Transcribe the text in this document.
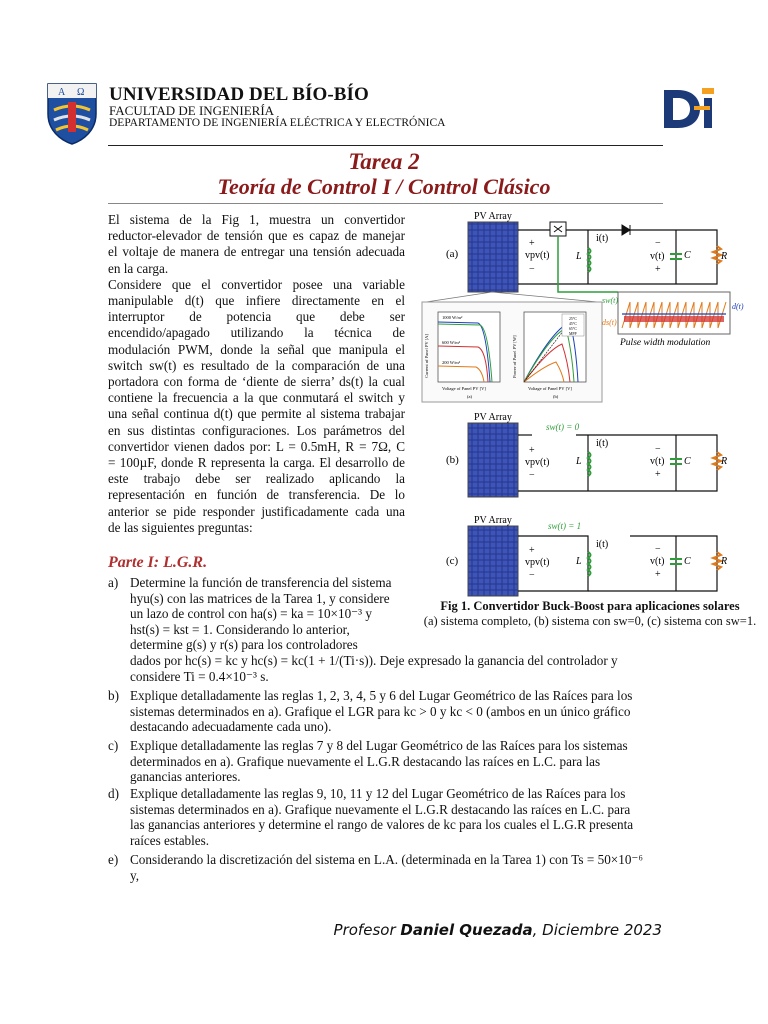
A Ω UNIVERSIDAD DEL BÍO-BÍO
FACULTAD DE INGENIERÍA
DEPARTAMENTO DE INGENIERÍA ELÉCTRICA Y ELECTRÓNICA
Tarea 2
Teoría de Control I / Control Clásico
El sistema de la Fig 1, muestra un convertidor
reductor-elevador de tensión que es capaz de manejar
el voltaje de manera de entregar una tensión adecuada
en la carga.
Considere que el convertidor posee una variable
manipulable d(t) que infiere directamente en el
interruptor de potencia que debe ser
encendido/apagado utilizando la técnica de
modulación PWM, donde la señal que manipula el
switch sw(t) es resultado de la comparación de una
portadora con forma de ‘diente de sierra’ ds(t) la cual
contiene la frecuencia a la que conmutará el switch y
una señal continua d(t) que permite al sistema trabajar
en sus distintas configuraciones. Los parámetros del
convertidor vienen dados por: L = 0.5mH, R = 7Ω, C
= 100µF, donde R representa la carga. El desarrollo de
este trabajo debe ser realizado aplicando la
representación en función de transferencia. De lo
anterior se pide responder justificadamente cada una
de las siguientes preguntas:
Parte I: L.G.R.
a) Determine la función de transferencia del sistema
hyu(s) con las matrices de la Tarea 1, y considere
un lazo de control con ha(s) = ka = 10×10⁻³ y
hst(s) = kst = 1. Considerando lo anterior,
determine g(s) y r(s) para los controladores
dados por hc(s) = kc y hc(s) = kc(1 + 1/(Ti·s)). Deje expresado la ganancia del controlador y
considere Ti = 0.4×10⁻³ s.
b) Explique detalladamente las reglas 1, 2, 3, 4, 5 y 6 del Lugar Geométrico de las Raíces para los
sistemas determinados en a). Grafique el LGR para kc > 0 y kc < 0 (ambos en un único gráfico
destacando adecuadamente cada uno).
c) Explique detalladamente las reglas 7 y 8 del Lugar Geométrico de las Raíces para los sistemas
determinados en a). Grafique nuevamente el L.G.R destacando las raíces en L.C. para las
ganancias anteriores.
d) Explique detalladamente las reglas 9, 10, 11 y 12 del Lugar Geométrico de las Raíces para los
sistemas determinados en a). Grafique nuevamente el L.G.R destacando las raíces en L.C. para
las ganancias anteriores y determine el rango de valores de kc para los cuales el L.G.R presenta
raíces estables.
e) Considerando la discretización del sistema en L.A. (determinada en la Tarea 1) con Ts = 50×10⁻⁶
y,
(a)
PV Array
vpv(t)
+
−
i(t)
L	v(t)
−
+
C	R
sw(t)
ds(t)
d(t)
Pulse width modulation
1000 W/m²
600 W/m²
200 W/m²
Current of Panel PV [A]
Voltage of Panel PV [V]
(a)
25°C
45°C
65°C
MPP
Power of Panel PV [W]
Voltage of Panel PV [V]
(b)
(b)
PV Array
sw(t) = 0
vpv(t)
+
−
i(t)
L	v(t)
−
+
C	R
(c)
PV Array	sw(t) = 1
vpv(t)
+
−
i(t)
L	v(t)
−
+
C	R
Fig 1. Convertidor Buck-Boost para aplicaciones solares
(a) sistema completo, (b) sistema con sw=0, (c) sistema con sw=1.
Profesor Daniel Quezada, Diciembre 2023
